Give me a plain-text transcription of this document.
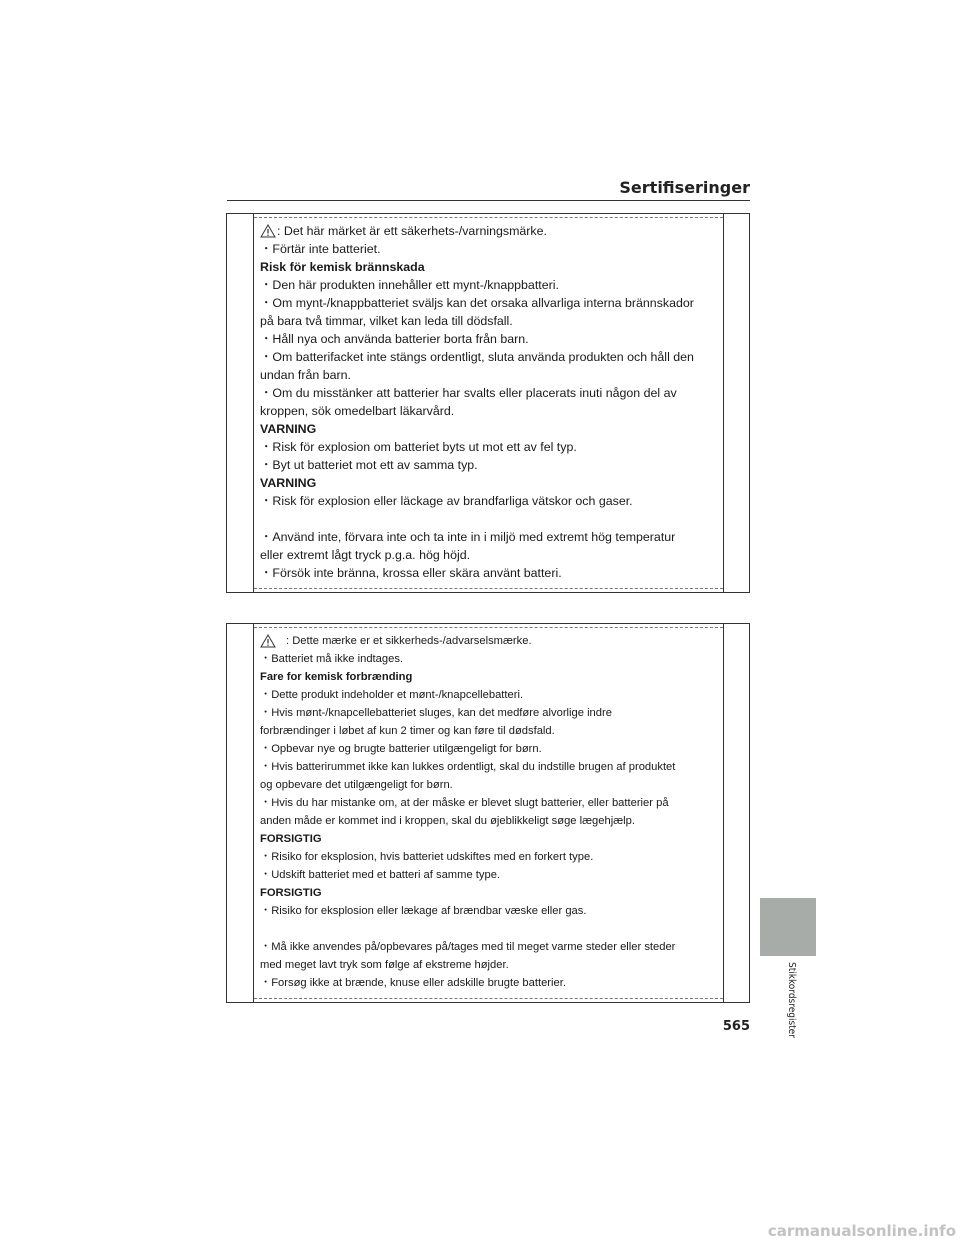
Sertifiseringer

: Det här märket är ett säkerhets-/varningsmärke.

・ Förtär inte batteriet.

Risk för kemisk brännskada

・ Den här produkten innehåller ett mynt-/knappbatteri.

・ Om mynt-/knappbatteriet sväljs kan det orsaka allvarliga interna brännskador

på bara två timmar, vilket kan leda till dödsfall.

・ Håll nya och använda batterier borta från barn.

・ Om batterifacket inte stängs ordentligt, sluta använda produkten och håll den

undan från barn.

・ Om du misstänker att batterier har svalts eller placerats inuti någon del av

kroppen, sök omedelbart läkarvård.

VARNING

・ Risk för explosion om batteriet byts ut mot ett av fel typ.

・ Byt ut batteriet mot ett av samma typ.

VARNING

・ Risk för explosion eller läckage av brandfarliga vätskor och gaser.

・ Använd inte, förvara inte och ta inte in i miljö med extremt hög temperatur

eller extremt lågt tryck p.g.a. hög höjd.

・ Försök inte bränna, krossa eller skära använt batteri.

: Dette mærke er et sikkerheds-/advarselsmærke.

・ Batteriet må ikke indtages.

Fare for kemisk forbrænding

・ Dette produkt indeholder et mønt-/knapcellebatteri.

・ Hvis mønt-/knapcellebatteriet sluges, kan det medføre alvorlige indre

forbrændinger i løbet af kun 2 timer og kan føre til dødsfald.

・ Opbevar nye og brugte batterier utilgængeligt for børn.

・ Hvis batterirummet ikke kan lukkes ordentligt, skal du indstille brugen af produktet

og opbevare det utilgængeligt for børn.

・ Hvis du har mistanke om, at der måske er blevet slugt batterier, eller batterier på

anden måde er kommet ind i kroppen, skal du øjeblikkeligt søge lægehjælp.

FORSIGTIG

・ Risiko for eksplosion, hvis batteriet udskiftes med en forkert type.

・ Udskift batteriet med et batteri af samme type.

FORSIGTIG

・ Risiko for eksplosion eller lækage af brændbar væske eller gas.

・ Må ikke anvendes på/opbevares på/tages med til meget varme steder eller steder

med meget lavt tryk som følge af ekstreme højder.

・ Forsøg ikke at brænde, knuse eller adskille brugte batterier.	Stikkordsregister
565
carmanualsonline.info
